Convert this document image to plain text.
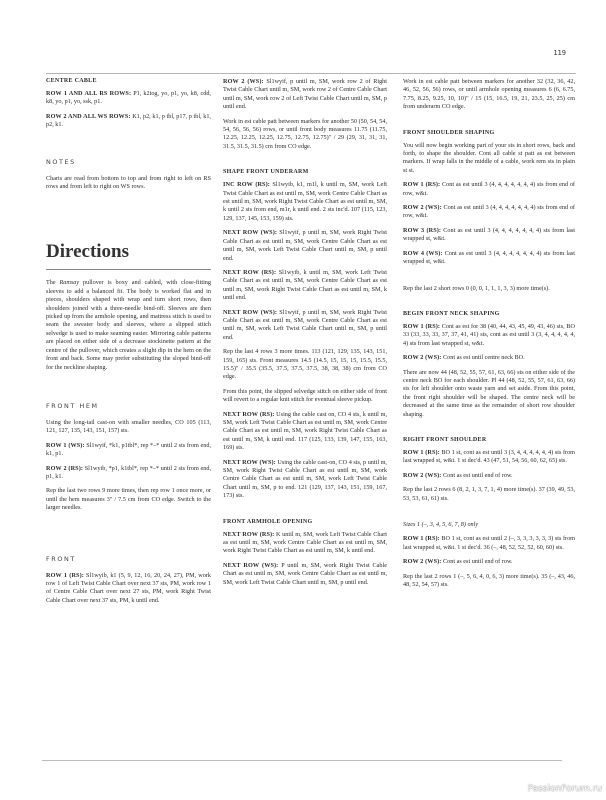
119
CENTRE CABLE

ROW 1 AND ALL RS ROWS: P1, k2tog, yo, p1, yo, k8, cdd, k8, yo, p1, yo, ssk, p1.

ROW 2 AND ALL WS ROWS: K1, p2, k1, p tbl, p17, p tbl, k1, p2, k1.

NOTES

Charts are read from bottom to top and from right to left on RS rows and from left to right on WS rows.

Directions

The Ramsay pullover is boxy and cabled, with close-fitting sleeves to add a balanced fit. The body is worked flat and in pieces, shoulders shaped with wrap and turn short rows, then shoulders joined with a three-needle bind-off. Sleeves are then picked up from the armhole opening, and mattress stitch is used to seam the sweater body and sleeves, where a slipped stitch selvedge is used to make seaming easier. Mirroring cable patterns are placed on either side of a decrease stockinette pattern at the centre of the pullover, which creates a slight dip in the hem on the front and back. Some may prefer substituting the sloped bind-off for the neckline shaping.

FRONT HEM

Using the long-tail cast-on with smaller needles, CO 105 (113, 121, 127, 135, 143, 151, 157) sts.

ROW 1 (WS): Sl1wyif, *k1, p1tbl*, rep *–* until 2 sts from end, k1, p1.

ROW 2 (RS): Sl1wyib, *p1, k1tbl*, rep *–* until 2 sts from end, p1, k1.

Rep the last two rows 9 more times, then rep row 1 once more, or until the hem measures 3" / 7.5 cm from CO edge. Switch to the larger needles.

FRONT

ROW 1 (RS): Sl1wyib, k1 (5, 9, 12, 16, 20, 24, 27), PM, work row 1 of Left Twist Cable Chart over next 37 sts, PM, work row 1 of Centre Cable Chart over next 27 sts, PM, work Right Twist Cable Chart over next 37 sts, PM, k until end.

ROW 2 (WS): Sl1wyif, p until m, SM, work row 2 of Right Twist Cable Chart until m, SM, work row 2 of Centre Cable Chart until m, SM, work row 2 of Left Twist Cable Chart until m, SM, p until end.

Work in est cable patt between markers for another 50 (50, 54, 54, 54, 56, 56, 56) rows, or until front body measures 11.75 (11.75, 12.25, 12.25, 12.25, 12.75, 12.75, 12.75)" / 29 (29, 31, 31, 31, 31.5, 31.5, 31.5) cm from CO edge.

SHAPE FRONT UNDERARM

INC ROW (RS): Sl1wyib, k1, m1l, k until m, SM, work Left Twist Cable Chart as est until m, SM, work Centre Cable Chart as est until m, SM, work Right Twist Cable Chart as est until m, SM, k until 2 sts from end, m1r, k until end. 2 sts inc'd. 107 (115, 123, 129, 137, 145, 153, 159) sts.

NEXT ROW (WS): Sl1wyif, p until m, SM, work Right Twist Cable Chart as est until m, SM, work Centre Cable Chart as est until m, SM, work Left Twist Cable Chart until m, SM, p until end.

NEXT ROW (RS): Sl1wyib, k until m, SM, work Left Twist Cable Chart as est until m, SM, work Centre Cable Chart as est until m, SM, work Right Twist Cable Chart as est until m, SM, k until end.

NEXT ROW (WS): Sl1wyif, p until m, SM, work Right Twist Cable Chart as est until m, SM, work Centre Cable Chart as est until m, SM, work Left Twist Cable Chart until m, SM, p until end.

Rep the last 4 rows 3 more times. 113 (121, 129, 135, 143, 151, 159, 165) sts. Front measures 14.5 (14.5, 15, 15, 15, 15.5, 15.5, 15.5)" / 35.5 (35.5, 37.5, 37.5, 37.5, 38, 38, 38) cm from CO edge.

From this point, the slipped selvedge stitch on either side of front will revert to a regular knit stitch for eventual sleeve pickup.

NEXT ROW (RS): Using the cable cast on, CO 4 sts, k until m, SM, work Left Twist Cable Chart as est until m, SM, work Centre Cable Chart as est until m, SM, work Right Twist Cable Chart as est until m, SM, k until end. 117 (125, 133, 139, 147, 155, 163, 169) sts.

NEXT ROW (WS): Using the cable cast-on, CO 4 sts, p until m, SM, work Right Twist Cable Chart as est until m, SM, work Centre Cable Chart as est until m, SM, work Left Twist Cable Chart until m, SM, p to end. 121 (129, 137, 143, 151, 159, 167, 173) sts.

FRONT ARMHOLE OPENING

NEXT ROW (RS): K until m, SM, work Left Twist Cable Chart as est until m, SM, work Centre Cable Chart as est until m, SM, work Right Twist Cable Chart as est until m, SM, k until end.

NEXT ROW (WS): P until m, SM, work Right Twist Cable Chart as est until m, SM, work Centre Cable Chart as est until m, SM, work Left Twist Cable Chart until m, SM, p until end.

Work in est cable patt between markers for another 32 (32, 36, 42, 46, 52, 56, 56) rows, or until armhole opening measures 6 (6, 6.75, 7.75, 8.25, 9.25, 10, 10)" / 15 (15, 16.5, 19, 21, 23.5, 25, 25) cm from underarm CO edge.

FRONT SHOULDER SHAPING

You will now begin working part of your sts in short rows, back and forth, to shape the shoulder. Cont all cable st patt as est between markers. If wrap falls in the middle of a cable, work rem sts in plain st st.

ROW 1 (RS): Cont as est until 3 (4, 4, 4, 4, 4, 4, 4) sts from end of row, w&t.

ROW 2 (WS): Cont as est until 3 (4, 4, 4, 4, 4, 4, 4) sts from end of row, w&t.

ROW 3 (RS): Cont as est until 3 (4, 4, 4, 4, 4, 4, 4) sts from last wrapped st, w&t.

ROW 4 (WS): Cont as est until 3 (4, 4, 4, 4, 4, 4, 4) sts from last wrapped st, w&t.

Rep the last 2 short rows 0 (0, 0, 1, 1, 1, 3, 3) more time(s).

BEGIN FRONT NECK SHAPING

ROW 1 (RS): Cont as est for 38 (40, 44, 43, 45, 49, 43, 46) sts, BO 33 (33, 33, 33, 37, 37, 41, 41) sts, cont as est until 3 (3, 4, 4, 4, 4, 4, 4) sts from last wrapped st, w&t.

ROW 2 (WS): Cont as est until centre neck BO.

There are now 44 (48, 52, 55, 57, 61, 63, 66) sts on either side of the centre neck BO for each shoulder. Pl 44 (48, 52, 55, 57, 61, 63, 66) sts for left shoulder onto waste yarn and set aside. From this point, the front right shoulder will be shaped. The centre neck will be decreased at the same time as the remainder of short row shoulder shaping.

RIGHT FRONT SHOULDER

ROW 1 (RS): BO 1 st, cont as est until 3 (3, 4, 4, 4, 4, 4, 4) sts from last wrapped st, w&t. 1 st dec'd. 43 (47, 51, 54, 56, 60, 62, 65) sts.

ROW 2 (WS): Cont as est until end of row.

Rep the last 2 rows 6 (8, 2, 1, 3, 7, 1, 4) more time(s). 37 (39, 49, 53, 53, 53, 61, 61) sts.

Sizes 1 (–, 3, 4, 5, 6, 7, 8) only

ROW 1 (RS): BO 1 st, cont as est until 2 (–, 3, 3, 3, 3, 3, 3) sts from last wrapped st, w&t. 1 st dec'd. 36 (–, 48, 52, 52, 52, 60, 60) sts.

ROW 2 (WS): Cont as est until end of row.

Rep the last 2 rows 1 (–, 5, 6, 4, 0, 6, 3) more time(s). 35 (–, 43, 46, 48, 52, 54, 57) sts.

PassionForum.ru
